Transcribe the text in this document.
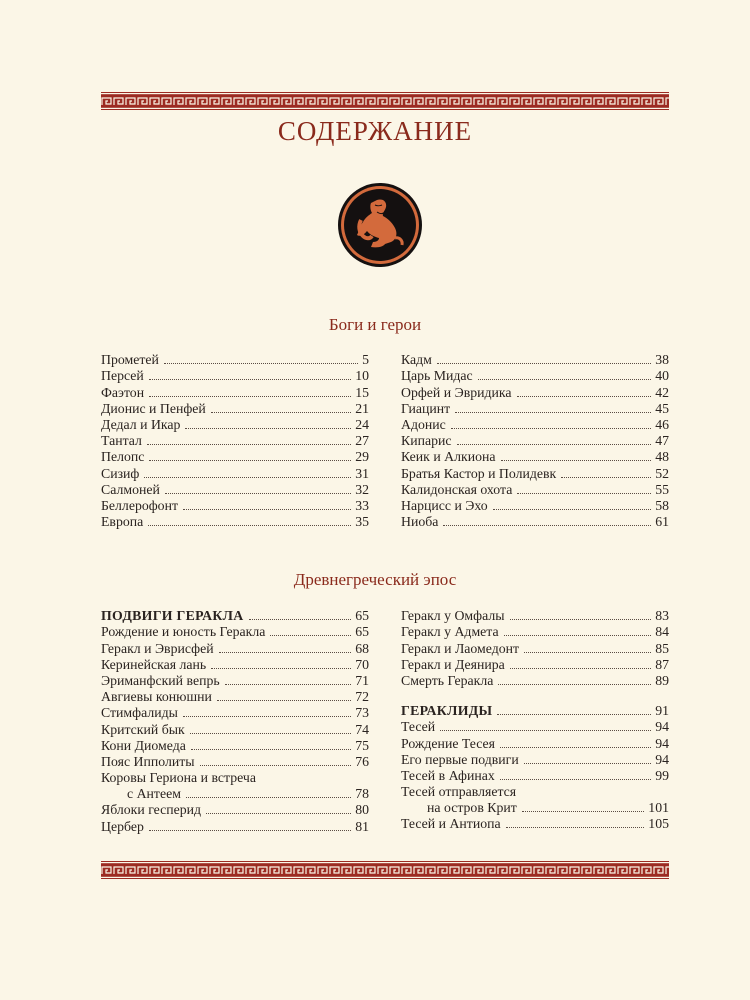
СОДЕРЖАНИЕ
Боги и герои
Прометей	5
Персей	10
Фаэтон	15
Дионис и Пенфей	21
Дедал и Икар	24
Тантал	27
Пелопс	29
Сизиф	31
Салмоней	32
Беллерофонт	33
Европа	35
Кадм	38
Царь Мидас	40
Орфей и Эвридика	42
Гиацинт	45
Адонис	46
Кипарис	47
Кеик и Алкиона	48
Братья Кастор и Полидевк	52
Калидонская охота	55
Нарцисс и Эхо	58
Ниоба	61
Древнегреческий эпос
ПОДВИГИ ГЕРАКЛА	65
Рождение и юность Геракла	65
Геракл и Эврисфей	68
Керинейская лань	70
Эриманфский вепрь	71
Авгиевы конюшни	72
Стимфалиды	73
Критский бык	74
Кони Диомеда	75
Пояс Ипполиты	76
Коровы Гериона и встреча
с Антеем	78
Яблоки гесперид	80
Цербер	81
Геракл у Омфалы	83
Геракл у Адмета	84
Геракл и Лаомедонт	85
Геракл и Деянира	87
Смерть Геракла	89
ГЕРАКЛИДЫ	91
Тесей	94
Рождение Тесея	94
Его первые подвиги	94
Тесей в Афинах	99
Тесей отправляется
на остров Крит	101
Тесей и Антиопа	105
